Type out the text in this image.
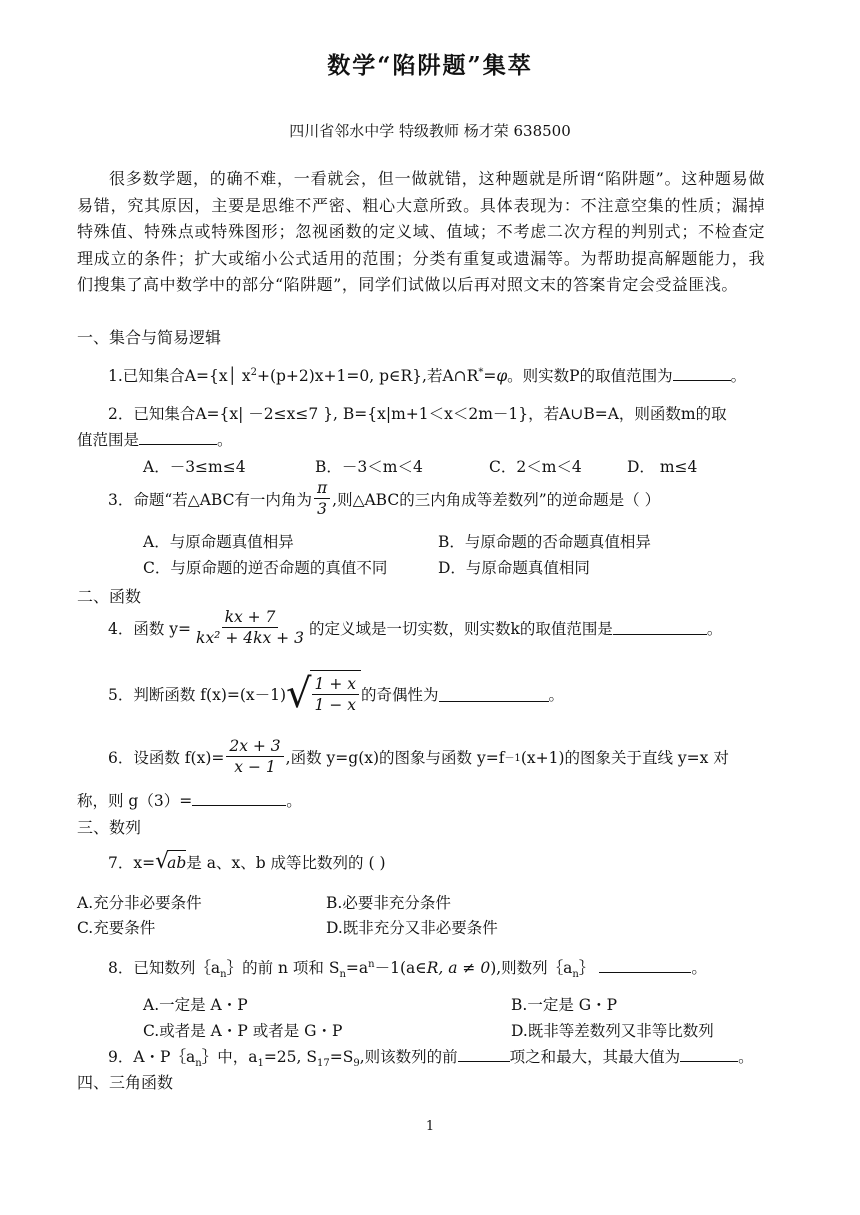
数学“陷阱题”集萃
四川省邻水中学 特级教师 杨才荣 638500
很多数学题，的确不难，一看就会，但一做就错，这种题就是所谓“陷阱题”。这种题易做易错，究其原因，主要是思维不严密、粗心大意所致。具体表现为：不注意空集的性质；漏掉特殊值、特殊点或特殊图形；忽视函数的定义域、值域；不考虑二次方程的判别式；不检查定理成立的条件；扩大或缩小公式适用的范围；分类有重复或遗漏等。为帮助提高解题能力，我们搜集了高中数学中的部分“陷阱题”，同学们试做以后再对照文末的答案肯定会受益匪浅。
一、集合与简易逻辑
1.已知集合A={x│ $x^2+(p+2)x+1=0$, p∈R},若A∩R*=φ。则实数P的取值范围为	。
2．已知集合A={x| －2≤x≤7 }, B={x|m+1＜x＜2m－1}，若A∪B=A，则函数m的取
值范围是	。
A．－3≤m≤4	B．－3＜m＜4	C．2＜m＜4	D． m≤4
3．命题“若△ABC有一内角为 $\frac{\pi}{3}$ ,则△ABC的三内角成等差数列”的逆命题是（ ）
A．与原命题真值相异	B．与原命题的否命题真值相异
C．与原命题的逆否命题的真值不同	D．与原命题真值相同
二、函数
4．函数 $y= \frac{kx + 7}{\text{kx² + 4kx + 3}}$ 的定义域是一切实数，则实数k的取值范围是	。
5．判断函数 f(x)=(x－1) √ $\frac{1 + x}{1 - x}$ 的奇偶性为	。
6．设函数 $f(x)= \frac{2x + 3}{x - 1}$ ,函数 y=g(x)的图象与函数 y=f －1 (x+1)的图象关于直线 y=x 对
称，则 g（3）=	。
三、数列
7．x= √
ab 是 a、x、b 成等比数列的 ( )
A.充分非必要条件	B.必要非充分条件
C.充要条件	D.既非充分又非必要条件
8．已知数列$\{a_n\}$的前 n 项和 $S_n=a^n-1(a\in R$, a ≠ 0),则数列$\{a_n\}$	。
A.一定是 A・P	B.一定是 G・P
C.或者是 A・P 或者是 G・P	D.既非等差数列又非等比数列
9．A・$P\{a_n\}$中，$a_1=25$, $S_{17}=S_9$,则该数列的前	项之和最大，其最大值为	。
四、三角函数
1
